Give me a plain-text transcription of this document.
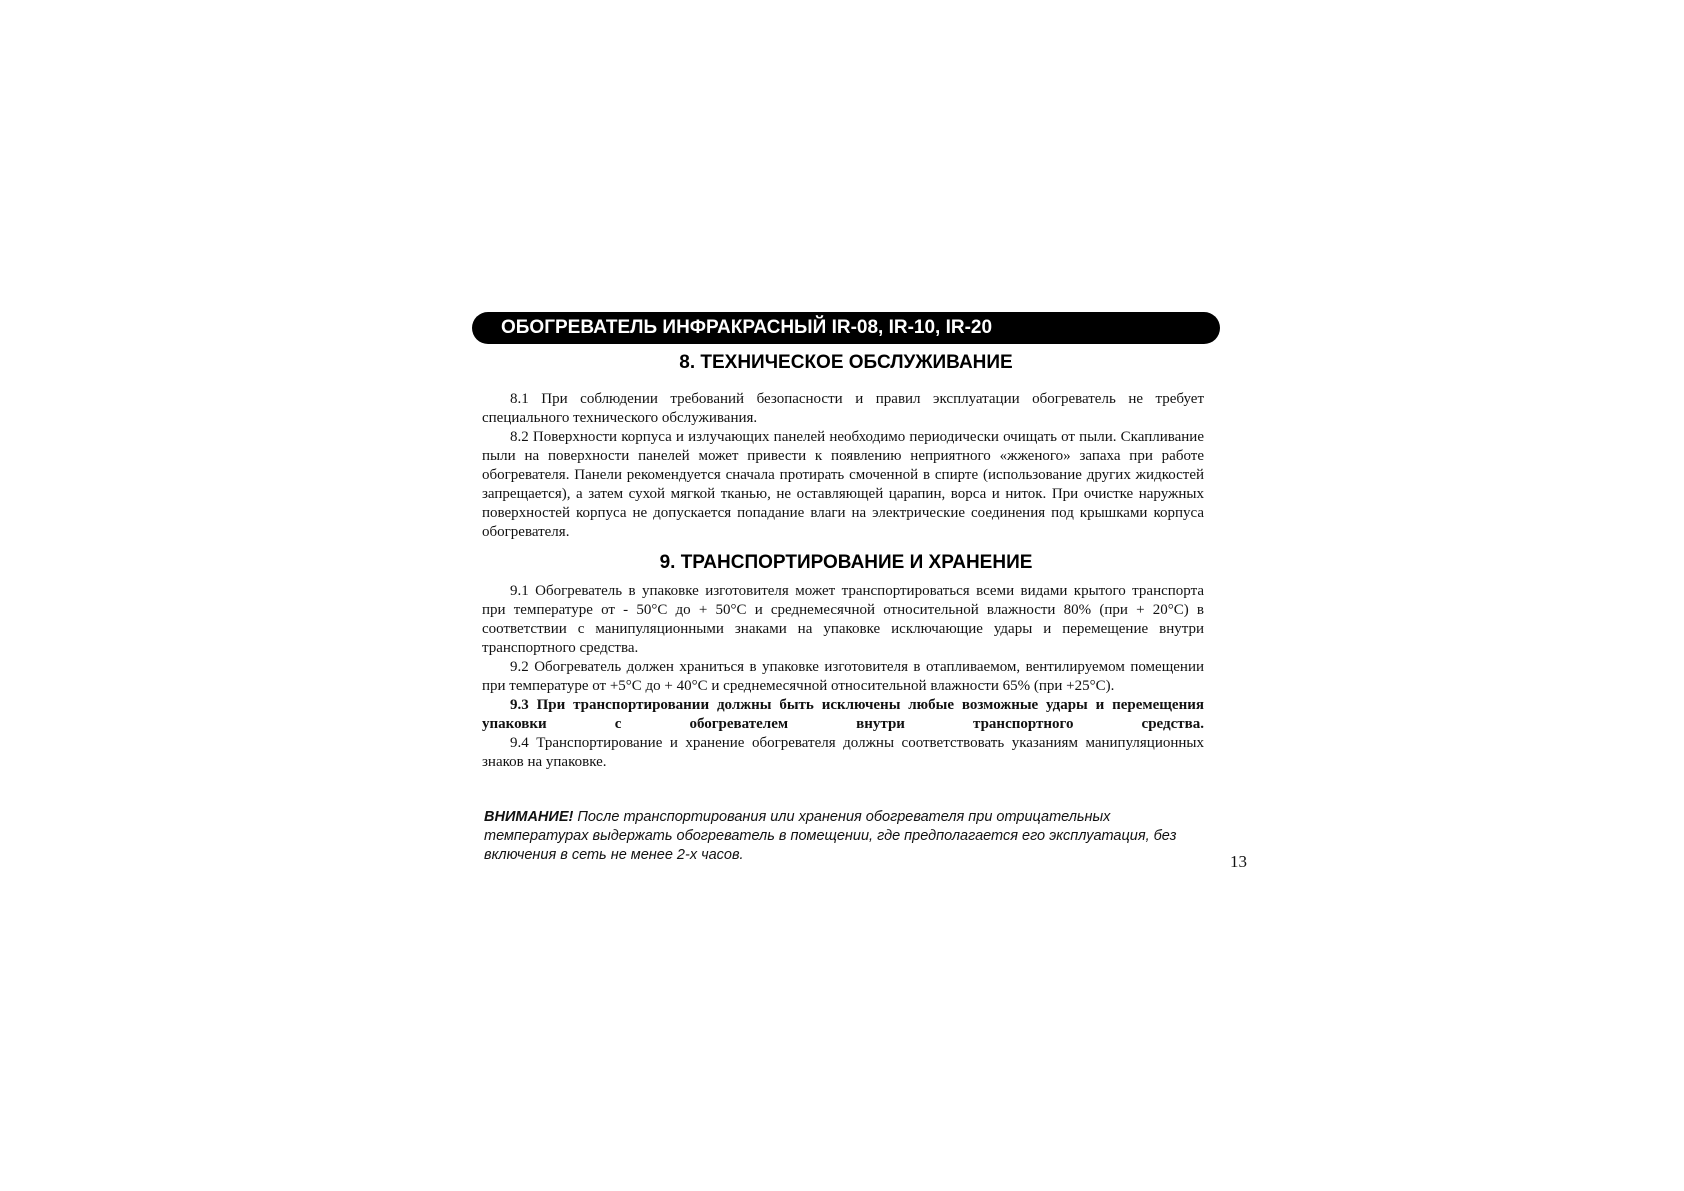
ОБОГРЕВАТЕЛЬ ИНФРАКРАСНЫЙ IR-08, IR-10, IR-20
8. ТЕХНИЧЕСКОЕ ОБСЛУЖИВАНИЕ

8.1 При соблюдении требований безопасности и правил эксплуатации обогреватель не требует специального технического обслуживания.

8.2 Поверхности корпуса и излучающих панелей необходимо периодически очищать от пыли. Скапливание пыли на поверхности панелей может привести к появлению неприятного «жженого» запаха при работе обогревателя. Панели рекомендуется сначала протирать смоченной в спирте (использование других жидкостей запрещается), а затем сухой мягкой тканью, не оставляющей царапин, ворса и ниток. При очистке наружных поверхностей корпуса не допускается попадание влаги на электрические соединения под крышками корпуса обогревателя.

9. ТРАНСПОРТИРОВАНИЕ И ХРАНЕНИЕ

9.1 Обогреватель в упаковке изготовителя может транспортироваться всеми видами крытого транспорта при температуре от - 50°C до + 50°C и среднемесячной относительной влажности 80% (при + 20°C) в соответствии с манипуляционными знаками на упаковке исключающие удары и перемещение внутри транспортного средства.

9.2 Обогреватель должен храниться в упаковке изготовителя в отапливаемом, вентилируемом помещении при температуре от +5°C до + 40°C и среднемесячной относительной влажности 65% (при +25°C).

9.3 При транспортировании должны быть исключены любые возможные удары и перемещения упаковки с обогревателем внутри транспортного средства.

9.4 Транспортирование и хранение обогревателя должны соответствовать указаниям манипуляционных знаков на упаковке.

ВНИМАНИЕ! После транспортирования или хранения обогревателя при отрицательных
температурах выдержать обогреватель в помещении, где предполагается его эксплуатация, без
включения в сеть не менее 2-х часов.	13
